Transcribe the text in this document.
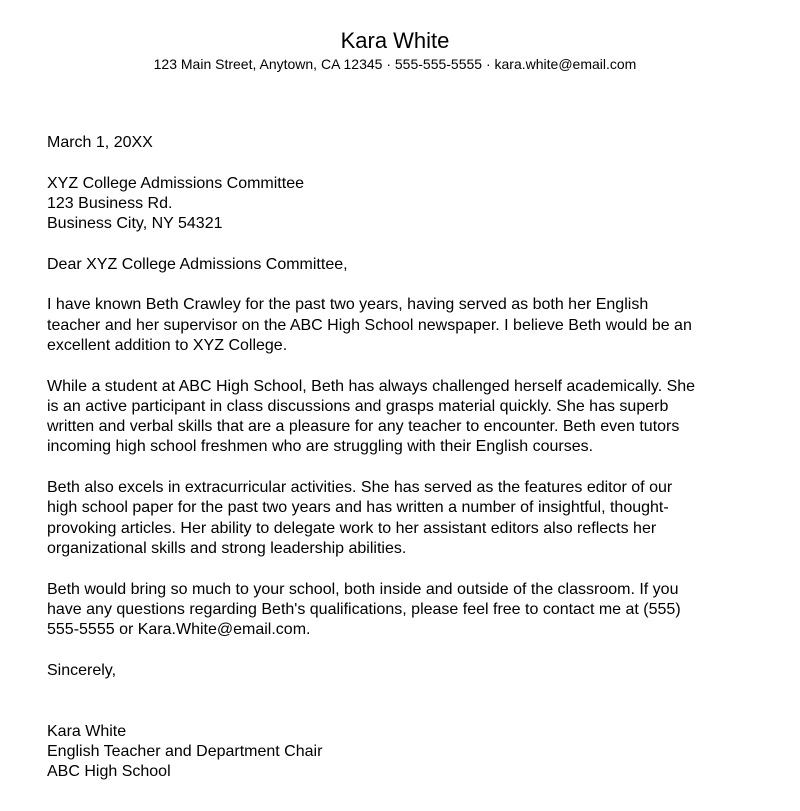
Kara White
123 Main Street, Anytown, CA 12345 · 555-555-5555 · kara.white@email.com
March 1, 20XX
XYZ College Admissions Committee
123 Business Rd.
Business City, NY 54321
Dear XYZ College Admissions Committee,
I have known Beth Crawley for the past two years, having served as both her English
teacher and her supervisor on the ABC High School newspaper. I believe Beth would be an
excellent addition to XYZ College.
While a student at ABC High School, Beth has always challenged herself academically. She
is an active participant in class discussions and grasps material quickly. She has superb
written and verbal skills that are a pleasure for any teacher to encounter. Beth even tutors
incoming high school freshmen who are struggling with their English courses.
Beth also excels in extracurricular activities. She has served as the features editor of our
high school paper for the past two years and has written a number of insightful, thought-
provoking articles. Her ability to delegate work to her assistant editors also reflects her
organizational skills and strong leadership abilities.
Beth would bring so much to your school, both inside and outside of the classroom. If you
have any questions regarding Beth's qualifications, please feel free to contact me at (555)
555-5555 or Kara.White@email.com.
Sincerely,
Kara White
English Teacher and Department Chair
ABC High School
